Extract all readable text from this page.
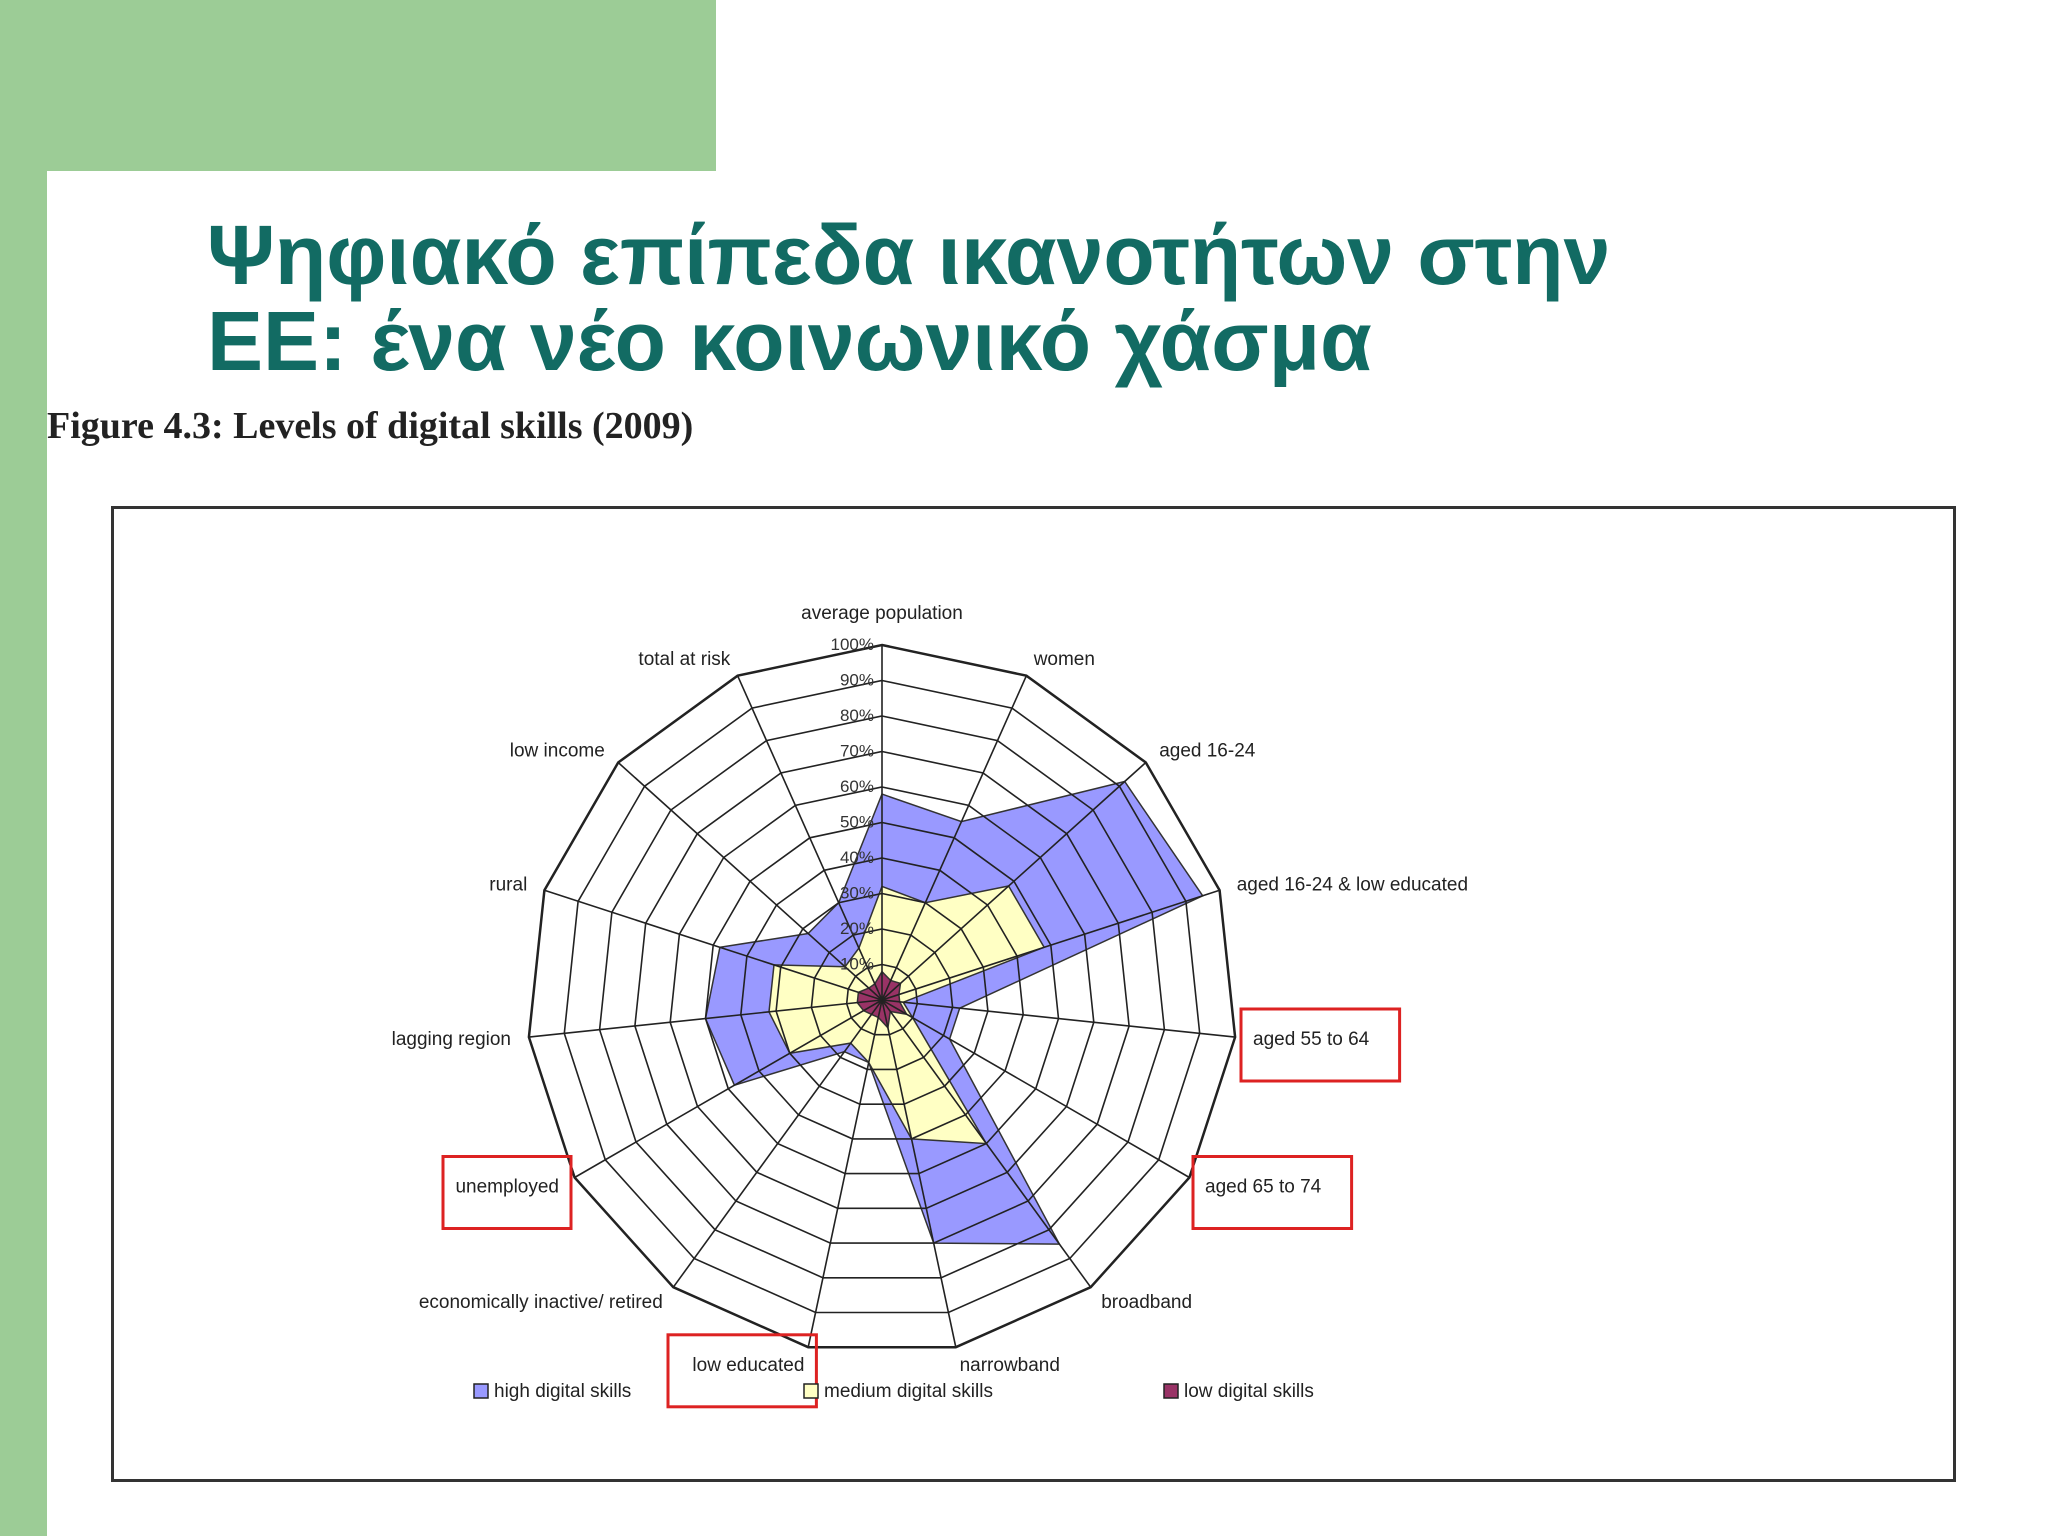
Ψηφιακό επίπεδα ικανοτήτων στην
ΕΕ: ένα νέο κοινωνικό χάσμα
Figure 4.3: Levels of digital skills (2009)
10%
20%
30%
40%
50%
60%
70%
80%
90%
100%
average population
women
aged 16-24
aged 16-24 & low educated
aged 55 to 64
aged 65 to 74
broadband
narrowband
low educated
economically inactive/ retired
unemployed
lagging region
rural
low income
total at risk
high digital skills	medium digital skills	low digital skills
